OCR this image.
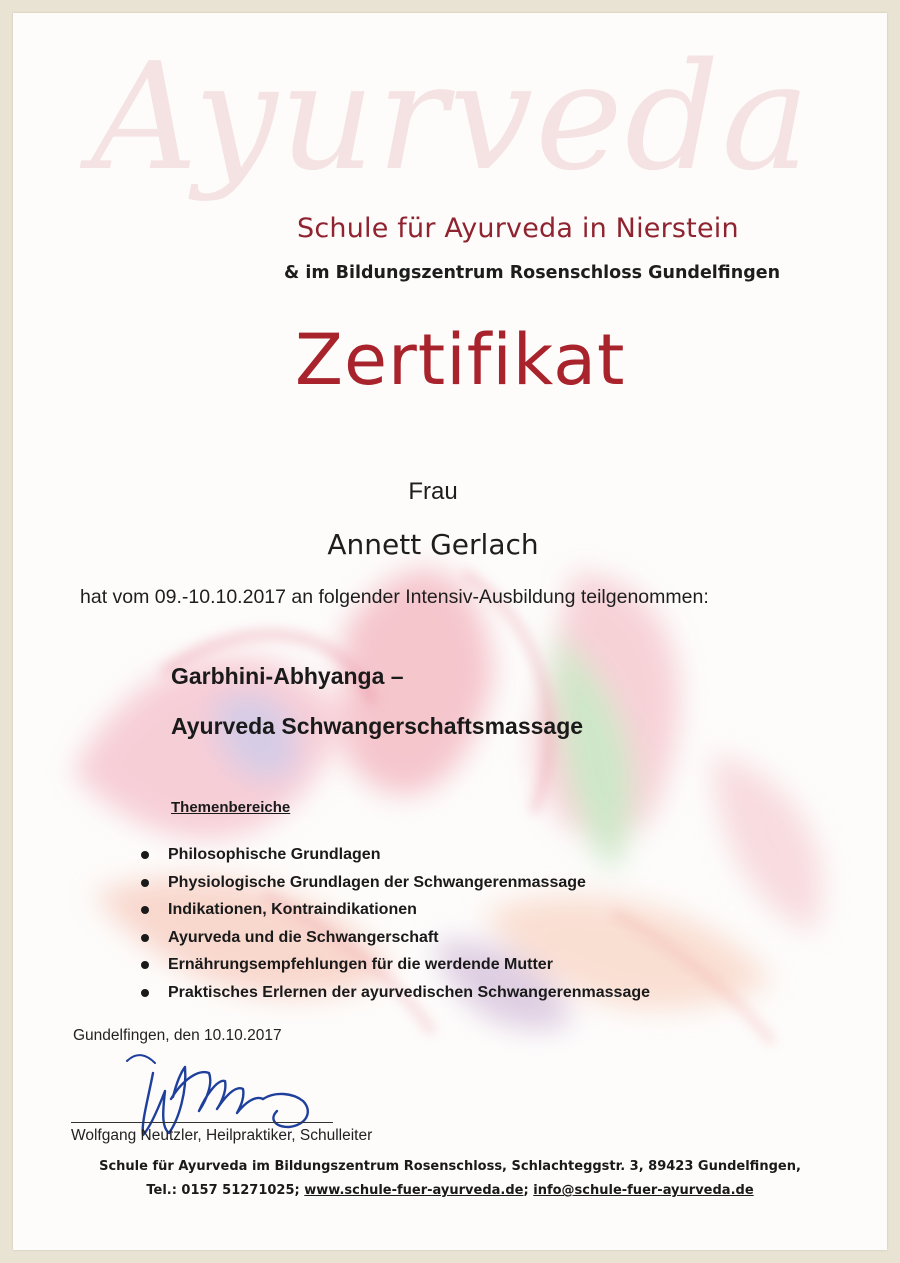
Ayurveda
Schule für Ayurveda in Nierstein
& im Bildungszentrum Rosenschloss Gundelfingen
Zertifikat
Frau
Annett Gerlach
hat vom 09.-10.10.2017 an folgender Intensiv-Ausbildung teilgenommen:
Garbhini-Abhyanga –
Ayurveda Schwangerschaftsmassage
Themenbereiche
Philosophische Grundlagen
Physiologische Grundlagen der Schwangerenmassage
Indikationen, Kontraindikationen
Ayurveda und die Schwangerschaft
Ernährungsempfehlungen für die werdende Mutter
Praktisches Erlernen der ayurvedischen Schwangerenmassage
Gundelfingen, den 10.10.2017
Wolfgang Neutzler, Heilpraktiker, Schulleiter
Schule für Ayurveda im Bildungszentrum Rosenschloss, Schlachteggstr. 3, 89423 Gundelfingen,
Tel.: 0157 51271025; www.schule-fuer-ayurveda.de; info@schule-fuer-ayurveda.de
